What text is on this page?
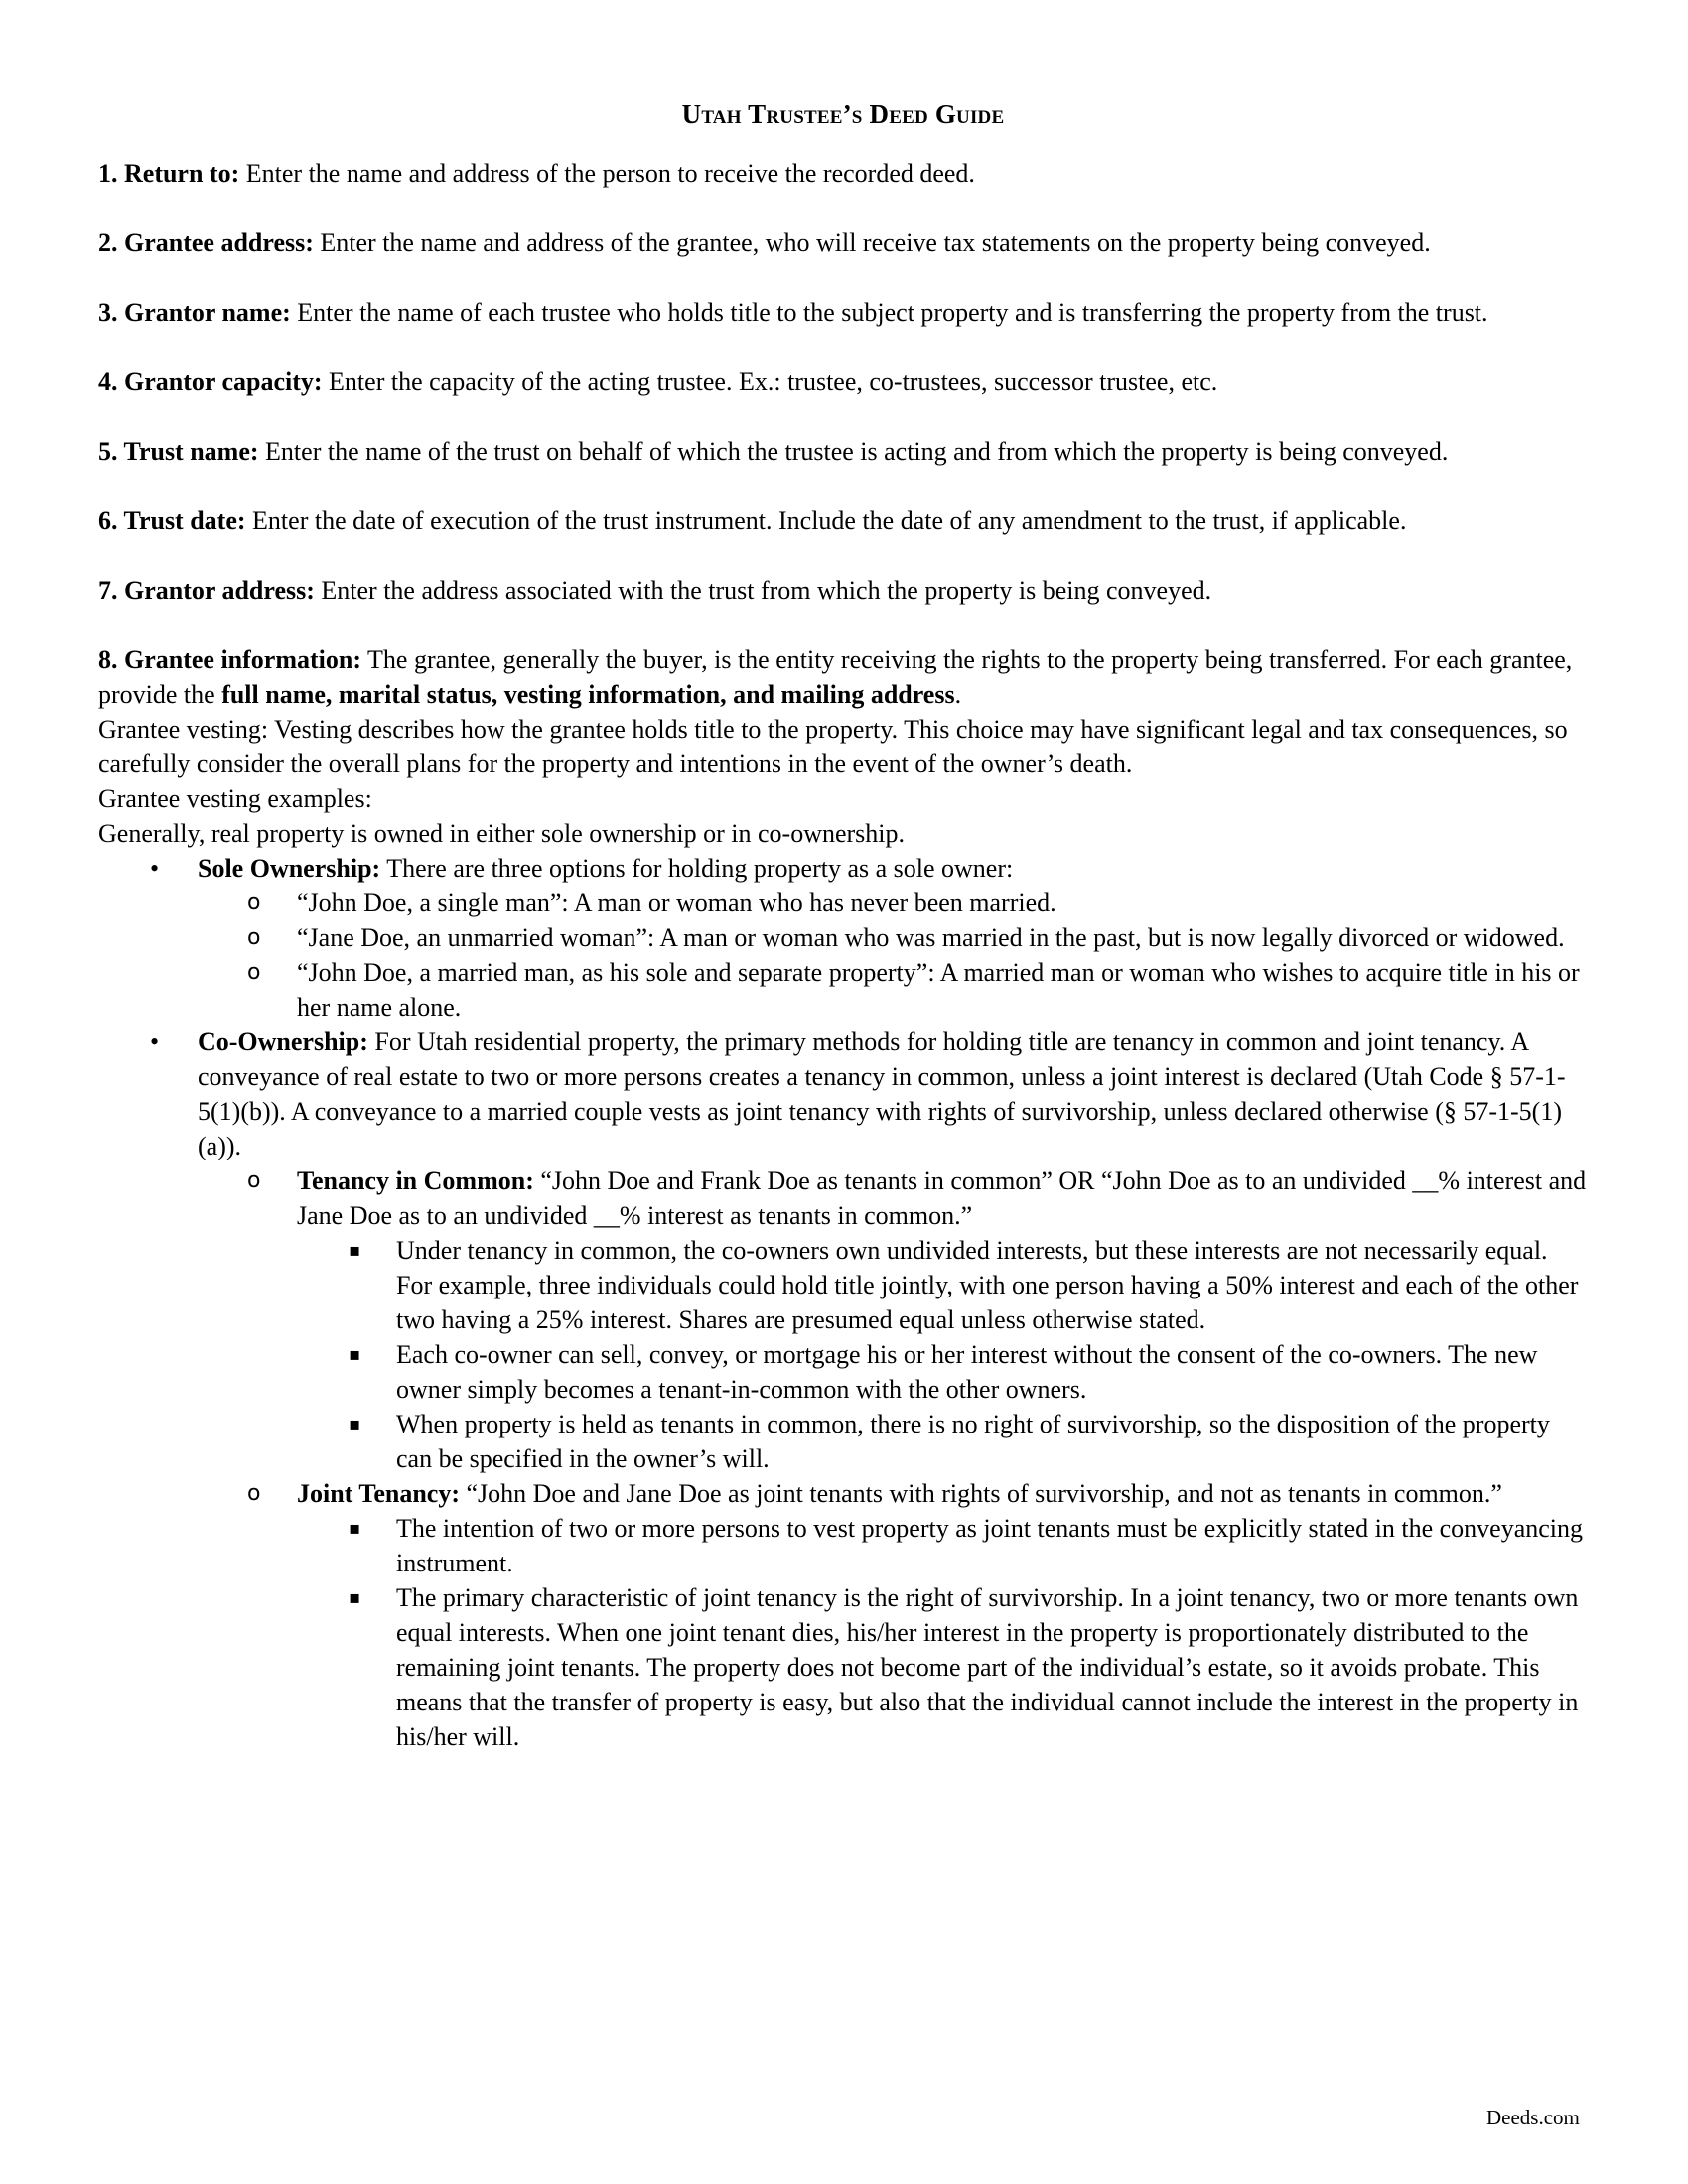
Utah Trustee’s Deed Guide

1. Return to: Enter the name and address of the person to receive the recorded deed.

2. Grantee address: Enter the name and address of the grantee, who will receive tax statements on the property being conveyed.

3. Grantor name: Enter the name of each trustee who holds title to the subject property and is transferring the property from the trust.

4. Grantor capacity: Enter the capacity of the acting trustee. Ex.: trustee, co-trustees, successor trustee, etc.

5. Trust name: Enter the name of the trust on behalf of which the trustee is acting and from which the property is being conveyed.

6. Trust date: Enter the date of execution of the trust instrument. Include the date of any amendment to the trust, if applicable.

7. Grantor address: Enter the address associated with the trust from which the property is being conveyed.

8. Grantee information: The grantee, generally the buyer, is the entity receiving the rights to the property being transferred. For each grantee, provide the full name, marital status, vesting information, and mailing address.

Grantee vesting: Vesting describes how the grantee holds title to the property. This choice may have significant legal and tax consequences, so carefully consider the overall plans for the property and intentions in the event of the owner’s death.

Grantee vesting examples:

Generally, real property is owned in either sole ownership or in co-ownership.

• Sole Ownership: There are three options for holding property as a sole owner:
o “John Doe, a single man”: A man or woman who has never been married.
o “Jane Doe, an unmarried woman”: A man or woman who was married in the past, but is now legally divorced or widowed.
o “John Doe, a married man, as his sole and separate property”: A married man or woman who wishes to acquire title in his or her name alone.
• Co-Ownership: For Utah residential property, the primary methods for holding title are tenancy in common and joint tenancy. A conveyance of real estate to two or more persons creates a tenancy in common, unless a joint interest is declared (Utah Code § 57-1-5(1)(b)). A conveyance to a married couple vests as joint tenancy with rights of survivorship, unless declared otherwise (§ 57-1-5(1)(a)).
o Tenancy in Common: “John Doe and Frank Doe as tenants in common” OR “John Doe as to an undivided __% interest and Jane Doe as to an undivided __% interest as tenants in common.”
▪ Under tenancy in common, the co-owners own undivided interests, but these interests are not necessarily equal. For example, three individuals could hold title jointly, with one person having a 50% interest and each of the other two having a 25% interest. Shares are presumed equal unless otherwise stated.
▪ Each co-owner can sell, convey, or mortgage his or her interest without the consent of the co-owners. The new owner simply becomes a tenant-in-common with the other owners.
▪ When property is held as tenants in common, there is no right of survivorship, so the disposition of the property can be specified in the owner’s will.
o Joint Tenancy: “John Doe and Jane Doe as joint tenants with rights of survivorship, and not as tenants in common.”
▪ The intention of two or more persons to vest property as joint tenants must be explicitly stated in the conveyancing instrument.
▪ The primary characteristic of joint tenancy is the right of survivorship. In a joint tenancy, two or more tenants own equal interests. When one joint tenant dies, his/her interest in the property is proportionately distributed to the remaining joint tenants. The property does not become part of the individual’s estate, so it avoids probate. This means that the transfer of property is easy, but also that the individual cannot include the interest in the property in his/her will.
Deeds.com
